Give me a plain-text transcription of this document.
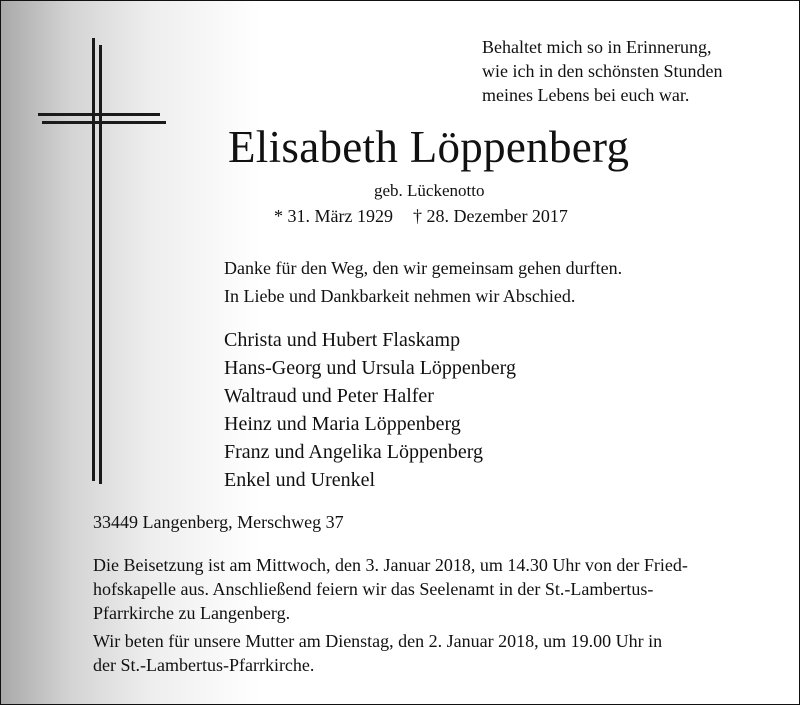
Behaltet mich so in Erinnerung,
wie ich in den schönsten Stunden
meines Lebens bei euch war.
Elisabeth Löppenberg
geb. Lückenotto
* 31. März 1929 † 28. Dezember 2017
Danke für den Weg, den wir gemeinsam gehen durften.
In Liebe und Dankbarkeit nehmen wir Abschied.
Christa und Hubert Flaskamp
Hans-Georg und Ursula Löppenberg
Waltraud und Peter Halfer
Heinz und Maria Löppenberg
Franz und Angelika Löppenberg
Enkel und Urenkel
33449 Langenberg, Merschweg 37
Die Beisetzung ist am Mittwoch, den 3. Januar 2018, um 14.30 Uhr von der Fried-
hofskapelle aus. Anschließend feiern wir das Seelenamt in der St.-Lambertus-
Pfarrkirche zu Langenberg.
Wir beten für unsere Mutter am Dienstag, den 2. Januar 2018, um 19.00 Uhr in
der St.-Lambertus-Pfarrkirche.
